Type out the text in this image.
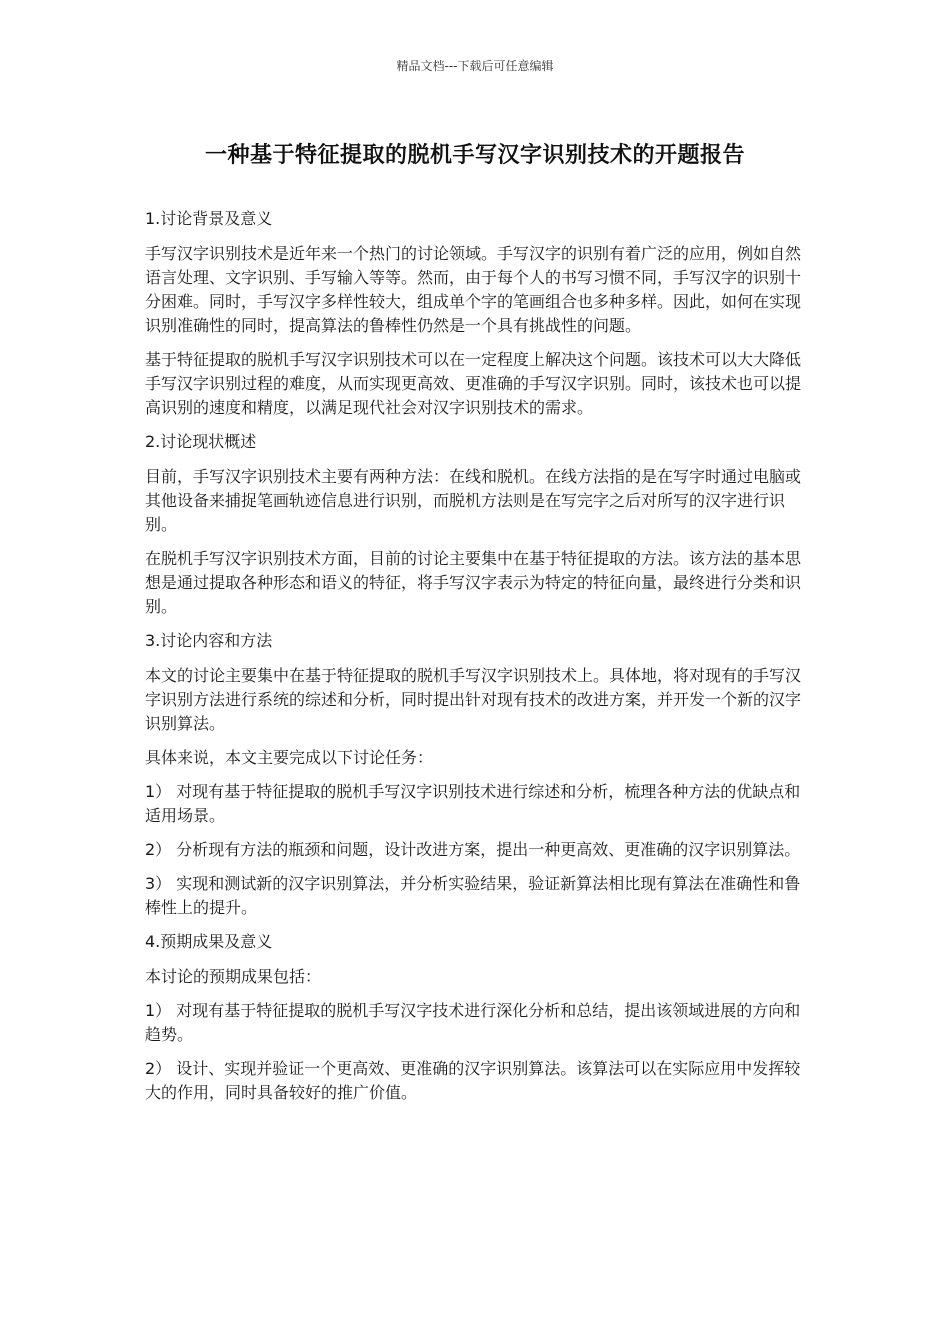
精品文档---下载后可任意编辑
一种基于特征提取的脱机手写汉字识别技术的开题报告
1.讨论背景及意义

手写汉字识别技术是近年来一个热门的讨论领域。手写汉字的识别有着广泛的应用，例如自然语言处理、文字识别、手写输入等等。然而，由于每个人的书写习惯不同，手写汉字的识别十分困难。同时，手写汉字多样性较大，组成单个字的笔画组合也多种多样。因此，如何在实现识别准确性的同时，提高算法的鲁棒性仍然是一个具有挑战性的问题。

基于特征提取的脱机手写汉字识别技术可以在一定程度上解决这个问题。该技术可以大大降低手写汉字识别过程的难度，从而实现更高效、更准确的手写汉字识别。同时，该技术也可以提高识别的速度和精度，以满足现代社会对汉字识别技术的需求。

2.讨论现状概述

目前，手写汉字识别技术主要有两种方法：在线和脱机。在线方法指的是在写字时通过电脑或其他设备来捕捉笔画轨迹信息进行识别，而脱机方法则是在写完字之后对所写的汉字进行识别。

在脱机手写汉字识别技术方面，目前的讨论主要集中在基于特征提取的方法。该方法的基本思想是通过提取各种形态和语义的特征，将手写汉字表示为特定的特征向量，最终进行分类和识别。

3.讨论内容和方法

本文的讨论主要集中在基于特征提取的脱机手写汉字识别技术上。具体地，将对现有的手写汉字识别方法进行系统的综述和分析，同时提出针对现有技术的改进方案，并开发一个新的汉字识别算法。

具体来说，本文主要完成以下讨论任务：

1） 对现有基于特征提取的脱机手写汉字识别技术进行综述和分析，梳理各种方法的优缺点和适用场景。

2） 分析现有方法的瓶颈和问题，设计改进方案，提出一种更高效、更准确的汉字识别算法。

3） 实现和测试新的汉字识别算法，并分析实验结果，验证新算法相比现有算法在准确性和鲁棒性上的提升。

4.预期成果及意义

本讨论的预期成果包括：

1） 对现有基于特征提取的脱机手写汉字技术进行深化分析和总结，提出该领域进展的方向和趋势。

2） 设计、实现并验证一个更高效、更准确的汉字识别算法。该算法可以在实际应用中发挥较大的作用，同时具备较好的推广价值。
